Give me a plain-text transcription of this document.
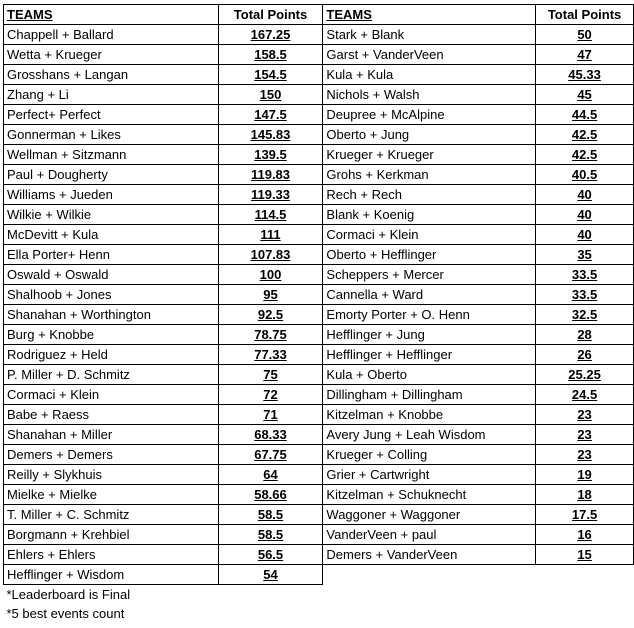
TEAMS	Total Points	TEAMS	Total Points
Chappell + Ballard	167.25	Stark + Blank	50
Wetta + Krueger	158.5	Garst + VanderVeen	47
Grosshans + Langan	154.5	Kula + Kula	45.33
Zhang + Li	150	Nichols + Walsh	45
Perfect+ Perfect	147.5	Deupree + McAlpine	44.5
Gonnerman + Likes	145.83	Oberto + Jung	42.5
Wellman + Sitzmann	139.5	Krueger + Krueger	42.5
Paul + Dougherty	119.83	Grohs + Kerkman	40.5
Williams + Jueden	119.33	Rech + Rech	40
Wilkie + Wilkie	114.5	Blank + Koenig	40
McDevitt + Kula	111	Cormaci + Klein	40
Ella Porter+ Henn	107.83	Oberto + Hefflinger	35
Oswald + Oswald	100	Scheppers + Mercer	33.5
Shalhoob + Jones	95	Cannella + Ward	33.5
Shanahan + Worthington	92.5	Emorty Porter + O. Henn	32.5
Burg + Knobbe	78.75	Hefflinger + Jung	28
Rodriguez + Held	77.33	Hefflinger + Hefflinger	26
P. Miller + D. Schmitz	75	Kula + Oberto	25.25
Cormaci + Klein	72	Dillingham + Dillingham	24.5
Babe + Raess	71	Kitzelman + Knobbe	23
Shanahan + Miller	68.33	Avery Jung + Leah Wisdom	23
Demers + Demers	67.75	Krueger + Colling	23
Reilly + Slykhuis	64	Grier + Cartwright	19
Mielke + Mielke	58.66	Kitzelman + Schuknecht	18
T. Miller + C. Schmitz	58.5	Waggoner + Waggoner	17.5
Borgmann + Krehbiel	58.5	VanderVeen + paul	16
Ehlers + Ehlers	56.5	Demers + VanderVeen	15
Hefflinger + Wisdom	54		
*Leaderboard is Final			
*5 best events count			
